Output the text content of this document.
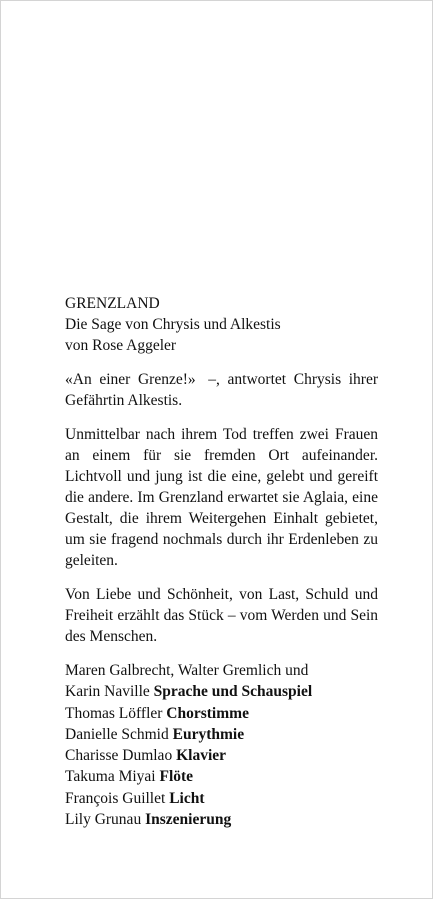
GRENZLAND
Die Sage von Chrysis und Alkestis
von Rose Aggeler

«An einer Grenze!» –, antwortet Chrysis ihrer Gefährtin Alkestis.

Unmittelbar nach ihrem Tod treffen zwei Frauen an einem für sie fremden Ort aufeinander. Lichtvoll und jung ist die eine, gelebt und gereift die andere. Im Grenzland erwartet sie Aglaia, eine Gestalt, die ihrem Weitergehen Einhalt gebietet, um sie fragend nochmals durch ihr Erdenleben zu geleiten.

Von Liebe und Schönheit, von Last, Schuld und Freiheit erzählt das Stück – vom Werden und Sein des Menschen.

Maren Galbrecht, Walter Gremlich und
Karin Naville Sprache und Schauspiel
Thomas Löffler Chorstimme
Danielle Schmid Eurythmie
Charisse Dumlao Klavier
Takuma Miyai Flöte
François Guillet Licht
Lily Grunau Inszenierung
